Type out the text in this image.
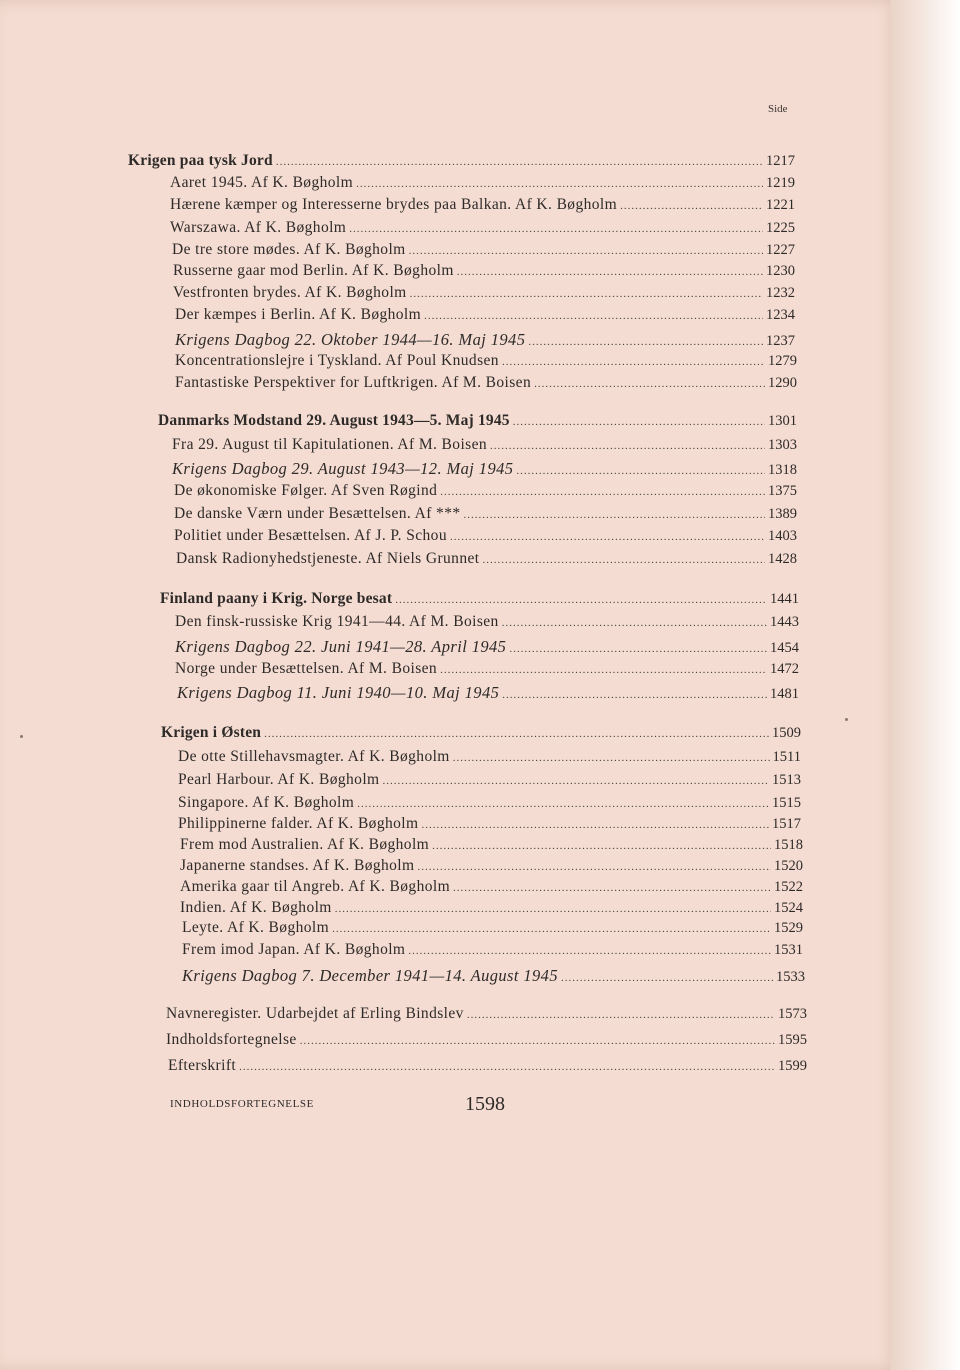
Side
Krigen paa tysk Jord .....	1217
Aaret 1945. Af K. Bøgholm .....	1219
Hærene kæmper og Interesserne brydes paa Balkan. Af K. Bøgholm .....	1221
Warszawa. Af K. Bøgholm .....	1225
De tre store mødes. Af K. Bøgholm .....	1227
Russerne gaar mod Berlin. Af K. Bøgholm .....	1230
Vestfronten brydes. Af K. Bøgholm .....	1232
Der kæmpes i Berlin. Af K. Bøgholm .....	1234
Krigens Dagbog 22. Oktober 1944—16. Maj 1945 .....	1237
Koncentrationslejre i Tyskland. Af Poul Knudsen .....	1279
Fantastiske Perspektiver for Luftkrigen. Af M. Boisen .....	1290
Danmarks Modstand 29. August 1943—5. Maj 1945 .....	1301
Fra 29. August til Kapitulationen. Af M. Boisen .....	1303
Krigens Dagbog 29. August 1943—12. Maj 1945 .....	1318
De økonomiske Følger. Af Sven Røgind .....	1375
De danske Værn under Besættelsen. Af *** .....	1389
Politiet under Besættelsen. Af J. P. Schou .....	1403
Dansk Radionyhedstjeneste. Af Niels Grunnet .....	1428
Finland paany i Krig. Norge besat .....	1441
Den finsk-russiske Krig 1941—44. Af M. Boisen .....	1443
Krigens Dagbog 22. Juni 1941—28. April 1945 .....	1454
Norge under Besættelsen. Af M. Boisen .....	1472
Krigens Dagbog 11. Juni 1940—10. Maj 1945 .....	1481
Krigen i Østen .....	1509
De otte Stillehavsmagter. Af K. Bøgholm .....	1511
Pearl Harbour. Af K. Bøgholm .....	1513
Singapore. Af K. Bøgholm .....	1515
Philippinerne falder. Af K. Bøgholm .....	1517
Frem mod Australien. Af K. Bøgholm .....	1518
Japanerne standses. Af K. Bøgholm .....	1520
Amerika gaar til Angreb. Af K. Bøgholm .....	1522
Indien. Af K. Bøgholm .....	1524
Leyte. Af K. Bøgholm .....	1529
Frem imod Japan. Af K. Bøgholm .....	1531
Krigens Dagbog 7. December 1941—14. August 1945 .....	1533
Navneregister. Udarbejdet af Erling Bindslev .....	1573
Indholdsfortegnelse .....	1595
Efterskrift .....	1599
INDHOLDSFORTEGNELSE	1598
